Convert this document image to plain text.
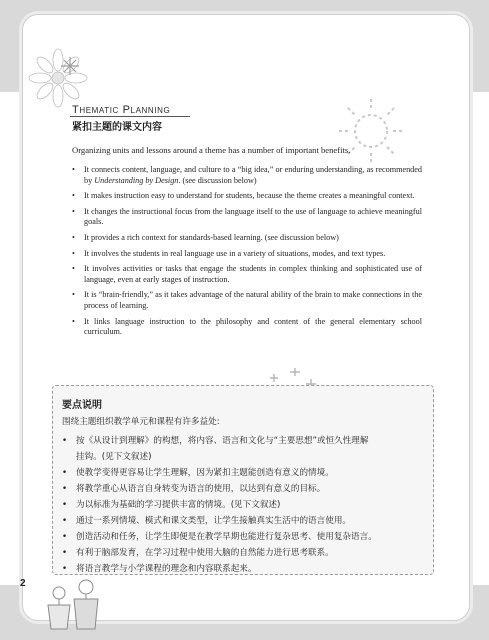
Thematic Planning
紧扣主题的课文内容
Organizing units and lessons around a theme has a number of important benefits.
• It connects content, language, and culture to a “big idea,” or enduring understanding, as recommended by Understanding by Design. (see discussion below)
• It makes instruction easy to understand for students, because the theme creates a meaningful context.
• It changes the instructional focus from the language itself to the use of language to achieve meaningful goals.
• It provides a rich context for standards-based learning. (see discussion below)
• It involves the students in real language use in a variety of situations, modes, and text types.
• It involves activities or tasks that engage the students in complex thinking and sophisticated use of language, even at early stages of instruction.
• It is “brain-friendly,” as it takes advantage of the natural ability of the brain to make connections in the process of learning.
• It links language instruction to the philosophy and content of the general elementary school curriculum.
要点说明
围绕主题组织教学单元和课程有许多益处:
• 按《从设计到理解》的构想，将内容、语言和文化与“主要思想”或恒久性理解
挂钩。(见下文叙述)
• 使教学变得更容易让学生理解，因为紧扣主题能创造有意义的情境。
• 将教学重心从语言自身转变为语言的使用，以达到有意义的目标。
• 为以标准为基础的学习提供丰富的情境。(见下文叙述)
• 通过一系列情境、模式和课文类型，让学生接触真实生活中的语言使用。
• 创造活动和任务，让学生即便是在教学早期也能进行复杂思考、使用复杂语言。
• 有利于脑部发育，在学习过程中使用大脑的自然能力进行思考联系。
• 将语言教学与小学课程的理念和内容联系起来。
2
